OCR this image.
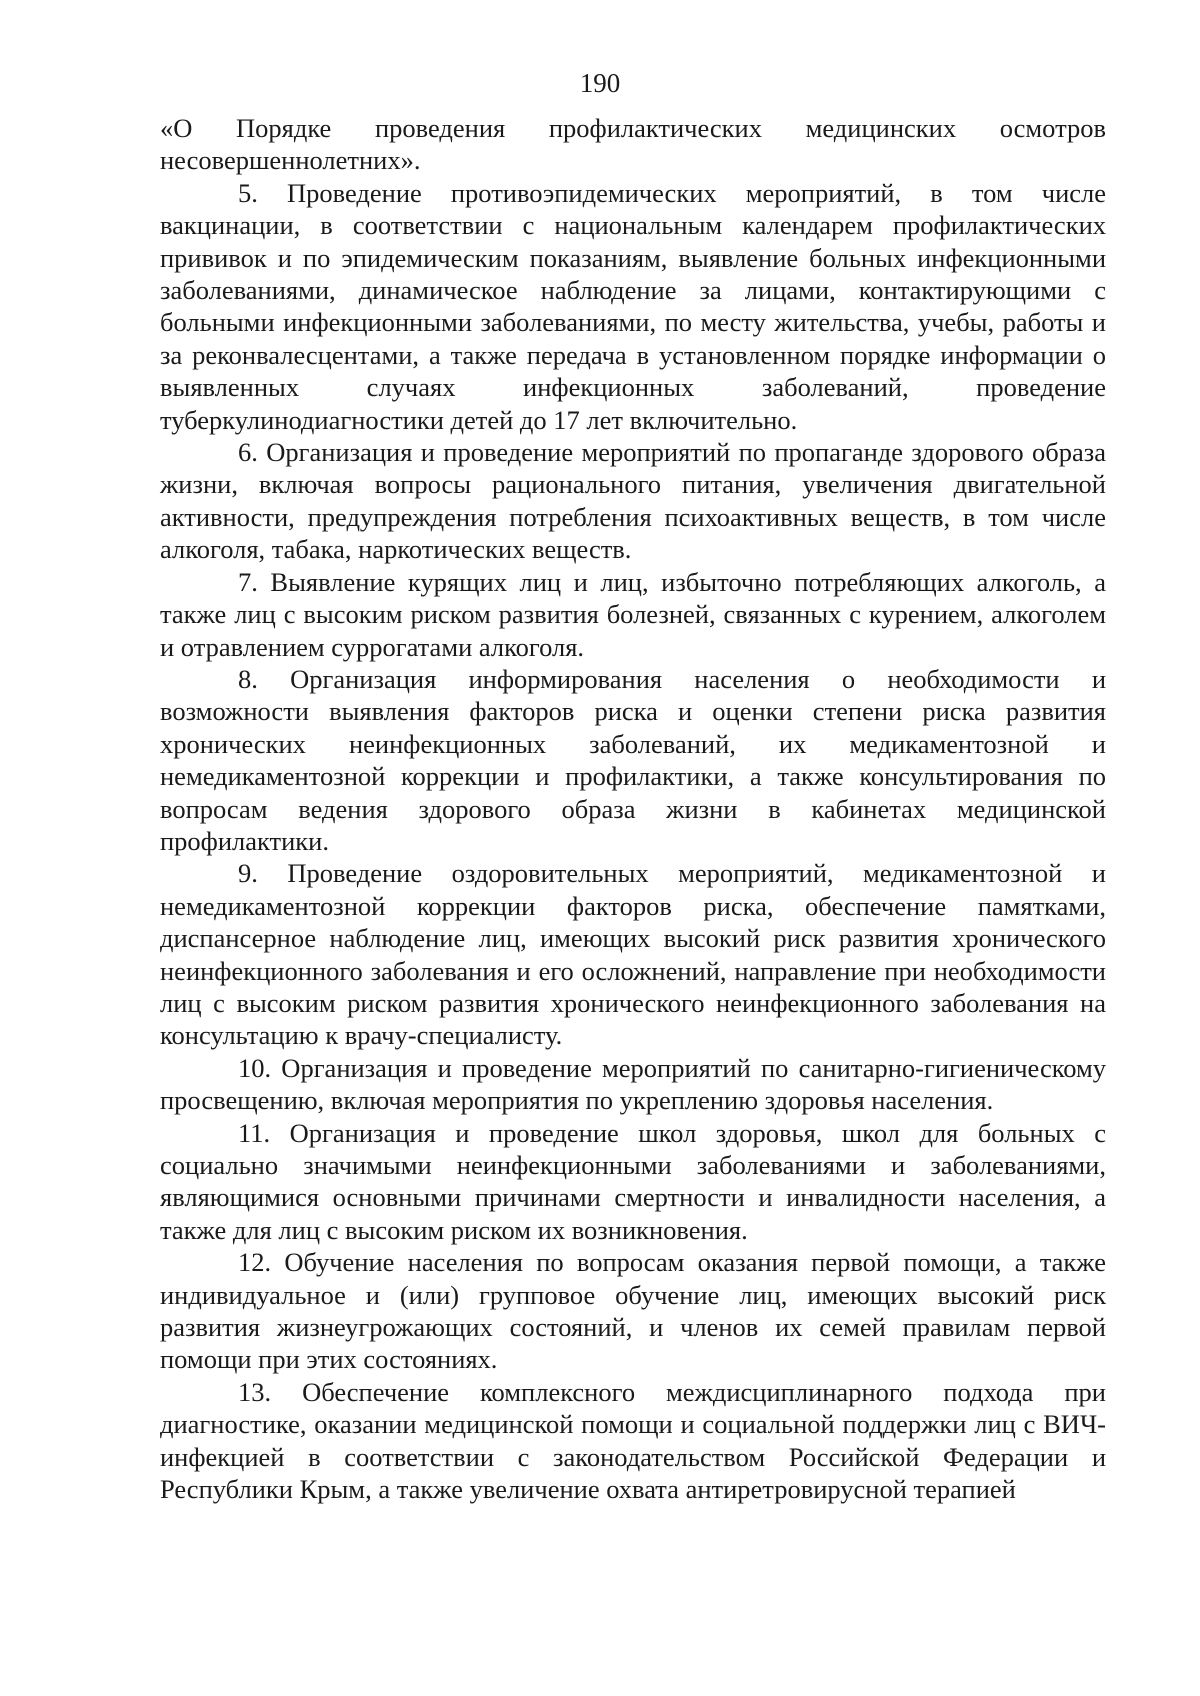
190

«О Порядке проведения профилактических медицинских осмотров несовершеннолетних».

5. Проведение противоэпидемических мероприятий, в том числе вакцинации, в соответствии с национальным календарем профилактических прививок и по эпидемическим показаниям, выявление больных инфекционными заболеваниями, динамическое наблюдение за лицами, контактирующими с больными инфекционными заболеваниями, по месту жительства, учебы, работы и за реконвалесцентами, а также передача в установленном порядке информации о выявленных случаях инфекционных заболеваний, проведение туберкулинодиагностики детей до 17 лет включительно.

6. Организация и проведение мероприятий по пропаганде здорового образа жизни, включая вопросы рационального питания, увеличения двигательной активности, предупреждения потребления психоактивных веществ, в том числе алкоголя, табака, наркотических веществ.

7. Выявление курящих лиц и лиц, избыточно потребляющих алкоголь, а также лиц с высоким риском развития болезней, связанных с курением, алкоголем и отравлением суррогатами алкоголя.

8. Организация информирования населения о необходимости и возможности выявления факторов риска и оценки степени риска развития хронических неинфекционных заболеваний, их медикаментозной и немедикаментозной коррекции и профилактики, а также консультирования по вопросам ведения здорового образа жизни в кабинетах медицинской профилактики.

9. Проведение оздоровительных мероприятий, медикаментозной и немедикаментозной коррекции факторов риска, обеспечение памятками, диспансерное наблюдение лиц, имеющих высокий риск развития хронического неинфекционного заболевания и его осложнений, направление при необходимости лиц с высоким риском развития хронического неинфекционного заболевания на консультацию к врачу-специалисту.

10. Организация и проведение мероприятий по санитарно-гигиеническому просвещению, включая мероприятия по укреплению здоровья населения.

11. Организация и проведение школ здоровья, школ для больных с социально значимыми неинфекционными заболеваниями и заболеваниями, являющимися основными причинами смертности и инвалидности населения, а также для лиц с высоким риском их возникновения.

12. Обучение населения по вопросам оказания первой помощи, а также индивидуальное и (или) групповое обучение лиц, имеющих высокий риск развития жизнеугрожающих состояний, и членов их семей правилам первой помощи при этих состояниях.

13. Обеспечение комплексного междисциплинарного подхода при диагностике, оказании медицинской помощи и социальной поддержки лиц с ВИЧ-инфекцией в соответствии с законодательством Российской Федерации и Республики Крым, а также увеличение охвата антиретровирусной терапией
